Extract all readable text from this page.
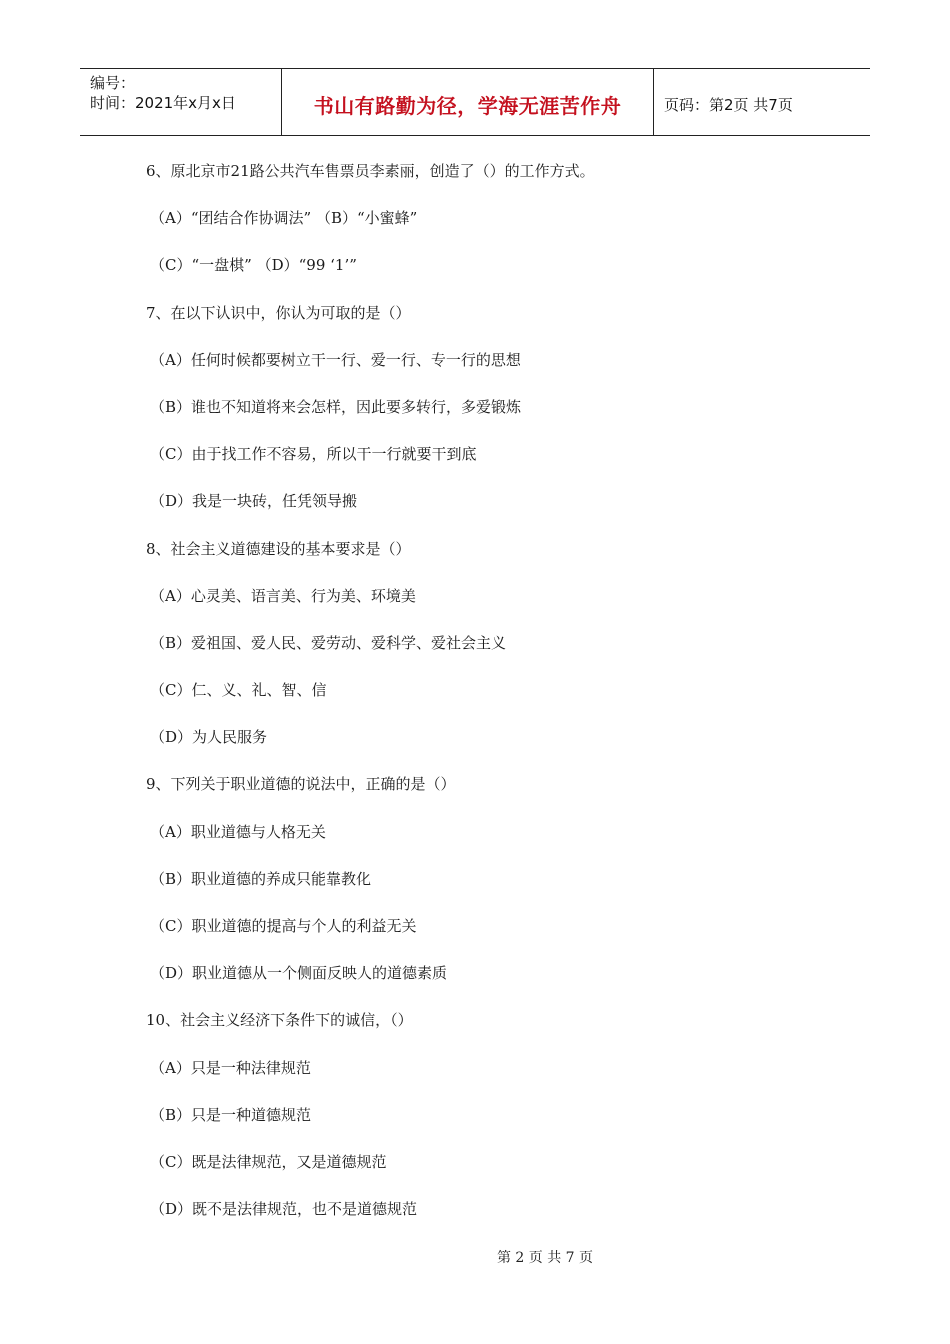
编号：
时间：2021年x月x日	书山有路勤为径，学海无涯苦作舟	页码：第2页 共7页
6、原北京市21路公共汽车售票员李素丽，创造了（）的工作方式。
（A）“团结合作协调法” （B）“小蜜蜂”
（C）“一盘棋” （D）“99 ‘1’”
7、在以下认识中，你认为可取的是（）
（A）任何时候都要树立干一行、爱一行、专一行的思想
（B）谁也不知道将来会怎样，因此要多转行，多爱锻炼
（C）由于找工作不容易，所以干一行就要干到底
（D）我是一块砖，任凭领导搬
8、社会主义道德建设的基本要求是（）
（A）心灵美、语言美、行为美、环境美
（B）爱祖国、爱人民、爱劳动、爱科学、爱社会主义
（C）仁、义、礼、智、信
（D）为人民服务
9、下列关于职业道德的说法中，正确的是（）
（A）职业道德与人格无关
（B）职业道德的养成只能靠教化
（C）职业道德的提高与个人的利益无关
（D）职业道德从一个侧面反映人的道德素质
10、社会主义经济下条件下的诚信，（）
（A）只是一种法律规范
（B）只是一种道德规范
（C）既是法律规范，又是道德规范
（D）既不是法律规范，也不是道德规范
第 2 页 共 7 页
